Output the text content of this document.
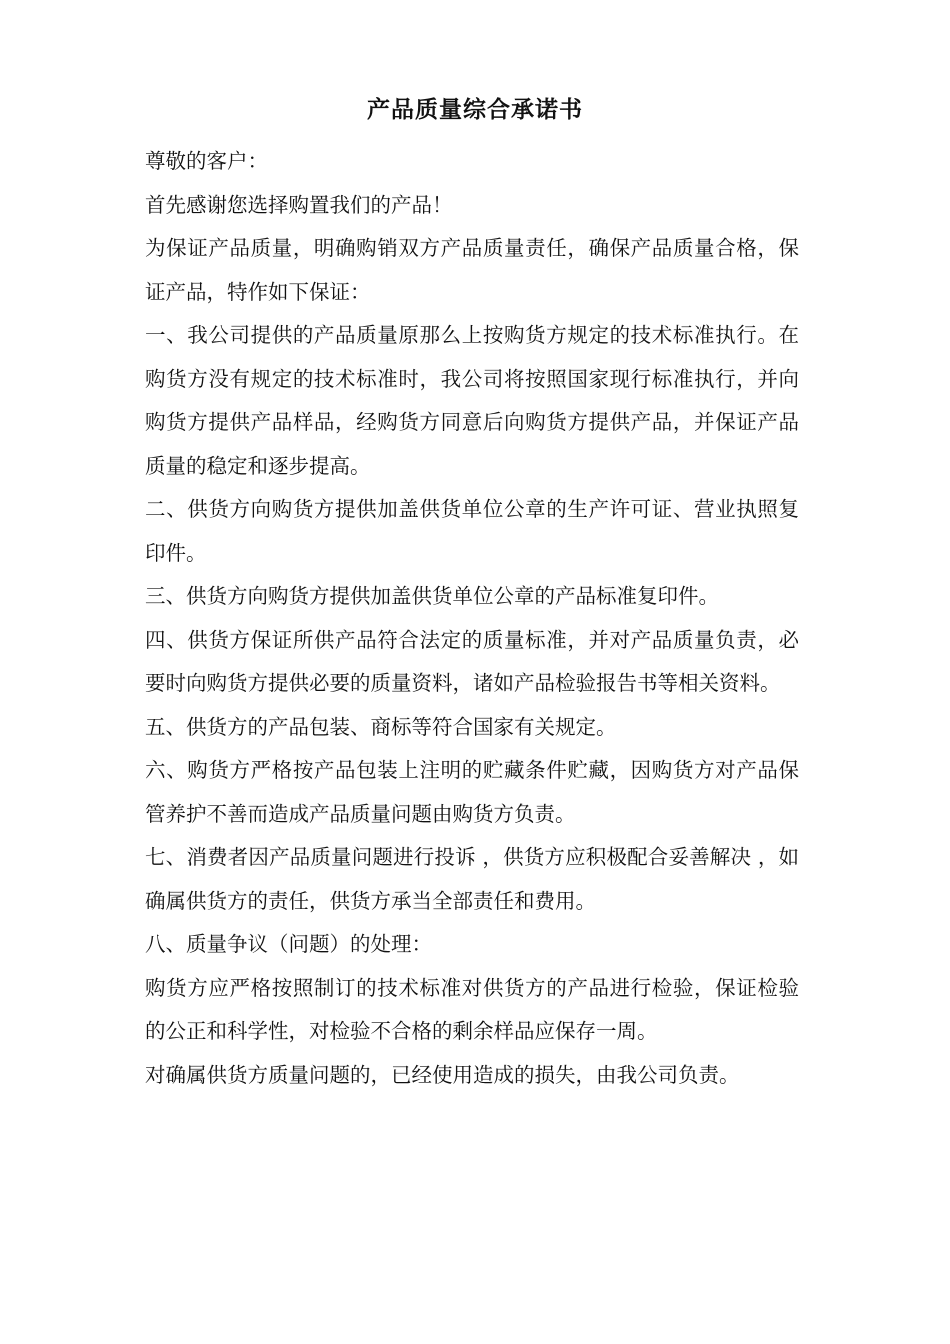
产品质量综合承诺书

尊敬的客户：

首先感谢您选择购置我们的产品！

为保证产品质量，明确购销双方产品质量责任，确保产品质量合格，保证产品，特作如下保证：

一、我公司提供的产品质量原那么上按购货方规定的技术标准执行。在购货方没有规定的技术标准时，我公司将按照国家现行标准执行，并向购货方提供产品样品，经购货方同意后向购货方提供产品，并保证产品质量的稳定和逐步提高。

二、供货方向购货方提供加盖供货单位公章的生产许可证、营业执照复印件。

三、供货方向购货方提供加盖供货单位公章的产品标准复印件。

四、供货方保证所供产品符合法定的质量标准，并对产品质量负责，必要时向购货方提供必要的质量资料，诸如产品检验报告书等相关资料。

五、供货方的产品包装、商标等符合国家有关规定。

六、购货方严格按产品包装上注明的贮藏条件贮藏，因购货方对产品保管养护不善而造成产品质量问题由购货方负责。

七、消费者因产品质量问题进行投诉 ，供货方应积极配合妥善解决 ，如确属供货方的责任，供货方承当全部责任和费用。

八、质量争议（问题）的处理：

购货方应严格按照制订的技术标准对供货方的产品进行检验，保证检验的公正和科学性，对检验不合格的剩余样品应保存一周。

对确属供货方质量问题的，已经使用造成的损失，由我公司负责。
